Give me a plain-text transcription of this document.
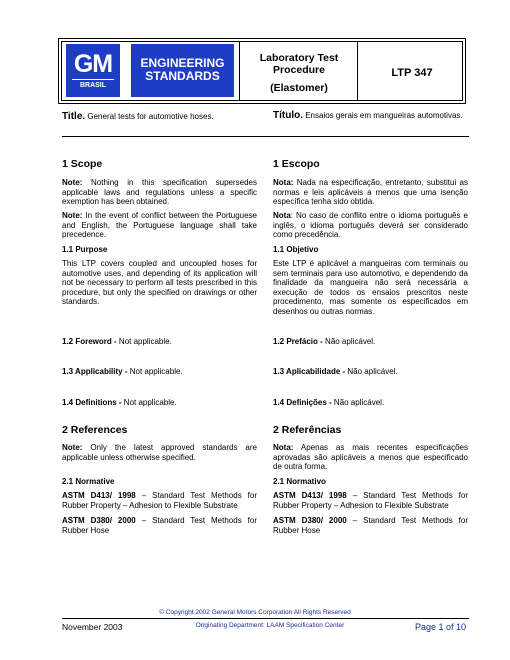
GM
BRASIL
ENGINEERING
STANDARDS
Laboratory Test
Procedure
(Elastomer)
LTP 347
Title. General tests for automotive hoses.	Título. Ensaios gerais em mangueiras automotivas.
1 Scope
Note: Nothing in this specification supersedes applicable laws and regulations unless a specific exemption has been obtained.
Note: In the event of conflict between the Portuguese and English, the Portuguese language shall take precedence.
1.1 Purpose
This LTP covers coupled and uncoupled hoses for automotive uses, and depending of its application will not be necessary to perform all tests prescribed in this procedure, but only the specified on drawings or other standards.
1.2 Foreword - Not applicable.
1.3 Applicability - Not applicable.
1.4 Definitions - Not applicable.
2 References
Note: Only the latest approved standards are applicable unless otherwise specified.
2.1 Normative
ASTM D413/ 1998 – Standard Test Methods for Rubber Property – Adhesion to Flexible Substrate
ASTM D380/ 2000 – Standard Test Methods for Rubber Hose
1 Escopo
Nota: Nada na especificação, entretanto, substitui as normas e leis aplicáveis a menos que uma isenção específica tenha sido obtida.
Nota: No caso de conflito entre o idioma português e inglês, o idioma português deverá ser considerado como precedência.
1.1 Objetivo
Este LTP é aplicável a mangueiras com terminais ou sem terminais para uso automotivo, e dependendo da finalidade da mangueira não será necessária a execução de todos os ensaios prescritos neste procedimento, mas somente os especificados em desenhos ou outras normas.
1.2 Prefácio - Não aplicável.
1.3 Aplicabilidade - Não aplicável.
1.4 Definições - Não aplicável.
2 Referências
Nota: Apenas as mais recentes especificações aprovadas são aplicáveis a menos que especificado de outra forma.
2.1 Normativo
ASTM D413/ 1998 – Standard Test Methods for Rubber Property – Adhesion to Flexible Substrate
ASTM D380/ 2000 – Standard Test Methods for Rubber Hose
© Copyright 2002 General Motors Corporation All Rights Reserved
November 2003	Originating Department: LAAM Specification Center	Page 1 of 10
